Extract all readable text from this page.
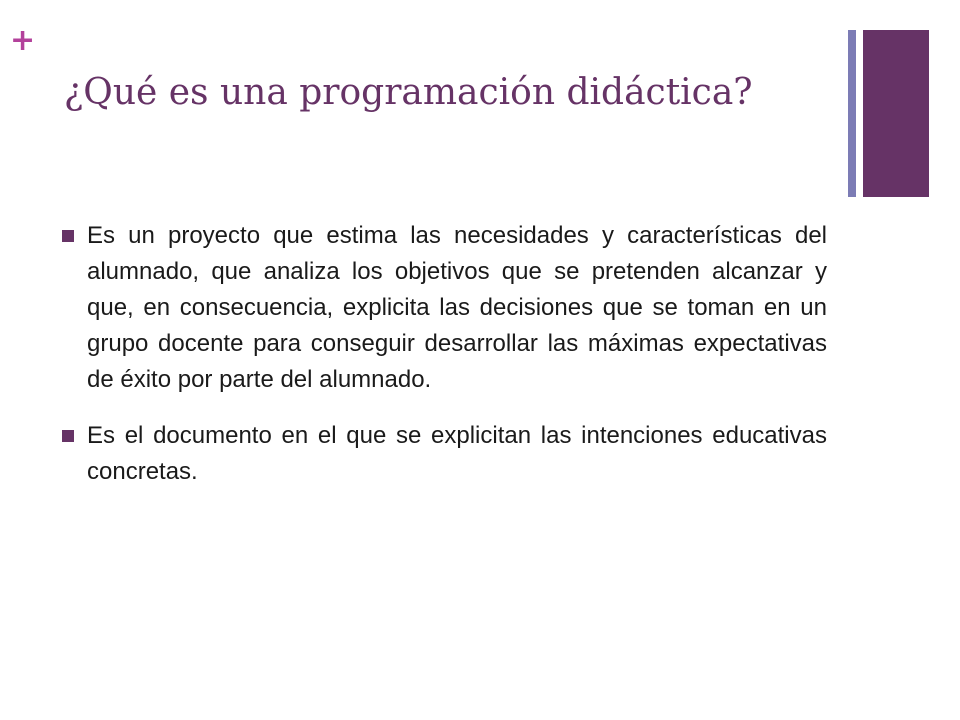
+
¿Qué es una programación didáctica?
Es un proyecto que estima las necesidades y características del alumnado, que analiza los objetivos que se pretenden alcanzar y que, en consecuencia, explicita las decisiones que se toman en un grupo docente para conseguir desarrollar las máximas expectativas de éxito por parte del alumnado.
Es el documento en el que se explicitan las intenciones educativas concretas.
